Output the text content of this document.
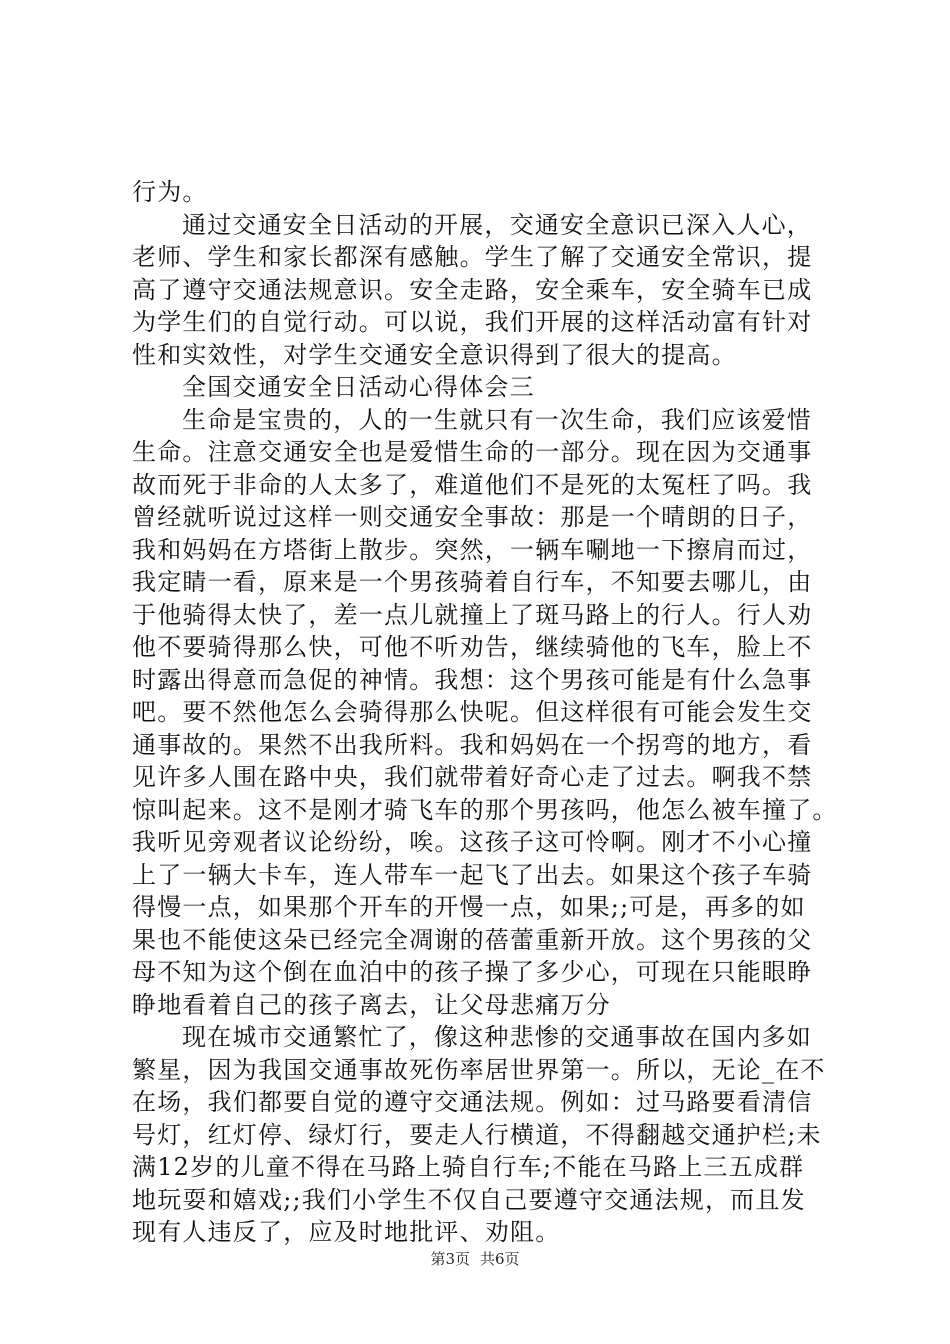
行为。
通过交通安全日活动的开展，交通安全意识已深入人心，
老师、学生和家长都深有感触。学生了解了交通安全常识，提
高了遵守交通法规意识。安全走路，安全乘车，安全骑车已成
为学生们的自觉行动。可以说，我们开展的这样活动富有针对
性和实效性，对学生交通安全意识得到了很大的提高。
全国交通安全日活动心得体会三
生命是宝贵的，人的一生就只有一次生命，我们应该爱惜
生命。注意交通安全也是爱惜生命的一部分。现在因为交通事
故而死于非命的人太多了，难道他们不是死的太冤枉了吗。我
曾经就听说过这样一则交通安全事故：那是一个晴朗的日子，
我和妈妈在方塔街上散步。突然，一辆车唰地一下擦肩而过，
我定睛一看，原来是一个男孩骑着自行车，不知要去哪儿，由
于他骑得太快了，差一点儿就撞上了斑马路上的行人。行人劝
他不要骑得那么快，可他不听劝告，继续骑他的飞车，脸上不
时露出得意而急促的神情。我想：这个男孩可能是有什么急事
吧。要不然他怎么会骑得那么快呢。但这样很有可能会发生交
通事故的。果然不出我所料。我和妈妈在一个拐弯的地方，看
见许多人围在路中央，我们就带着好奇心走了过去。啊我不禁
惊叫起来。这不是刚才骑飞车的那个男孩吗，他怎么被车撞了。
我听见旁观者议论纷纷，唉。这孩子这可怜啊。刚才不小心撞
上了一辆大卡车，连人带车一起飞了出去。如果这个孩子车骑
得慢一点，如果那个开车的开慢一点，如果;;可是，再多的如
果也不能使这朵已经完全凋谢的蓓蕾重新开放。这个男孩的父
母不知为这个倒在血泊中的孩子操了多少心，可现在只能眼睁
睁地看着自己的孩子离去，让父母悲痛万分
现在城市交通繁忙了，像这种悲惨的交通事故在国内多如
繁星，因为我国交通事故死伤率居世界第一。所以，无论_在不
在场，我们都要自觉的遵守交通法规。例如：过马路要看清信
号灯，红灯停、绿灯行，要走人行横道，不得翻越交通护栏;未
满12岁的儿童不得在马路上骑自行车;不能在马路上三五成群
地玩耍和嬉戏;;我们小学生不仅自己要遵守交通法规，而且发
现有人违反了，应及时地批评、劝阻。
第3页 共6页
